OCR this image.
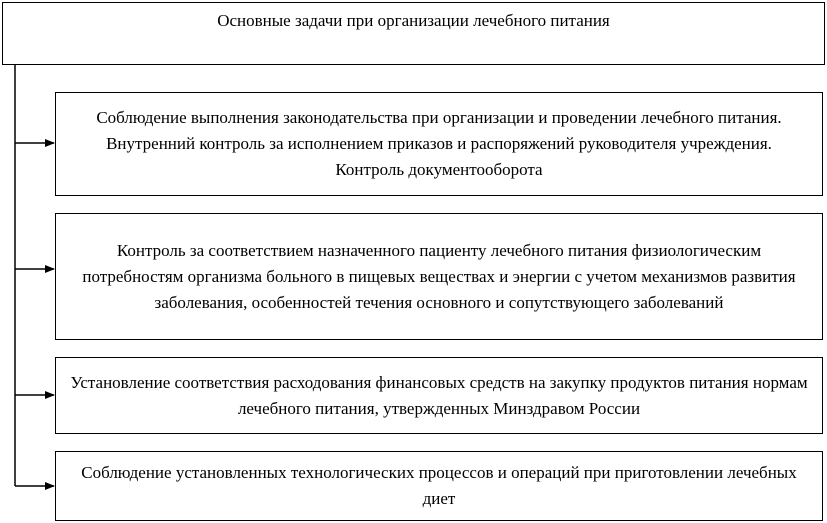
Основные задачи при организации лечебного питания
Соблюдение выполнения законодательства при организации и проведении лечебного питания. Внутренний контроль за исполнением приказов и распоряжений руководителя учреждения. Контроль документооборота
Контроль за соответствием назначенного пациенту лечебного питания физиологическим потребностям организма больного в пищевых веществах и энергии с учетом механизмов развития заболевания, особенностей течения основного и сопутствующего заболеваний
Установление соответствия расходования финансовых средств на закупку продуктов питания нормам лечебного питания, утвержденных Минздравом России
Соблюдение установленных технологических процессов и операций при приготовлении лечебных диет
